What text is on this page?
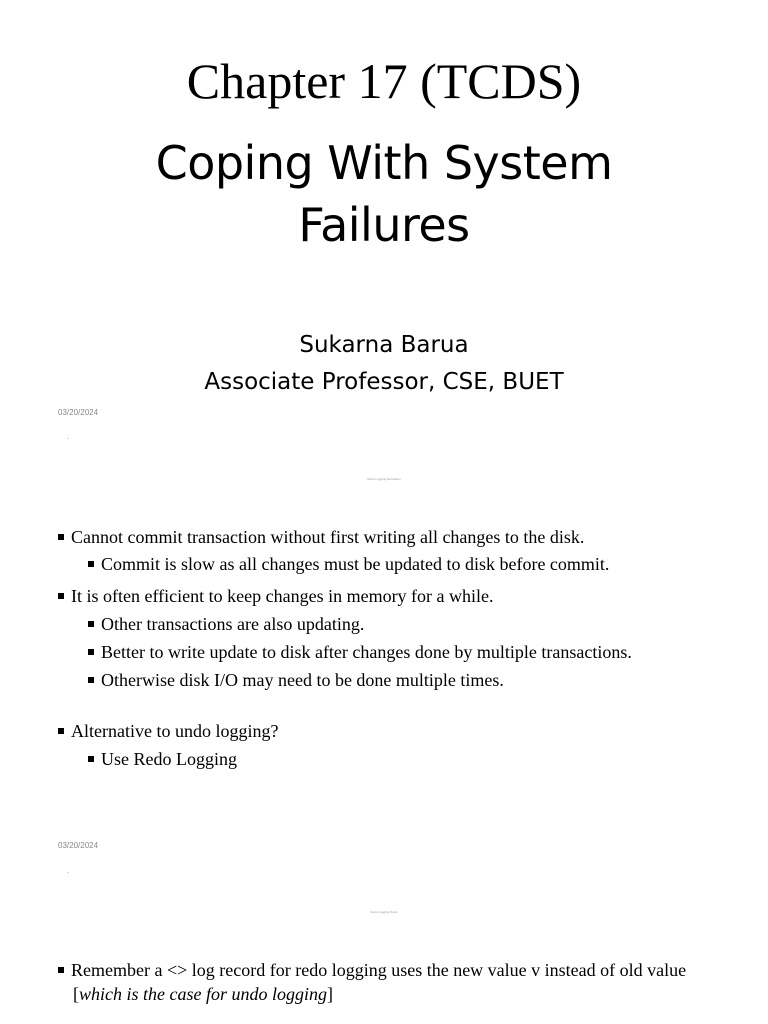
Chapter 17 (TCDS)
Coping With System
Failures
Sukarna Barua
Associate Professor, CSE, BUET
03/20/2024
.
Redo Logging Motivation
Cannot commit transaction without first writing all changes to the disk.
Commit is slow as all changes must be updated to disk before commit.
It is often efficient to keep changes in memory for a while.
Other transactions are also updating.
Better to write update to disk after changes done by multiple transactions.
Otherwise disk I/O may need to be done multiple times.
Alternative to undo logging?
Use Redo Logging
03/20/2024
.
Redo Logging Rules
Remember a <> log record for redo logging uses the new value v instead of old value
[which is the case for undo logging]
